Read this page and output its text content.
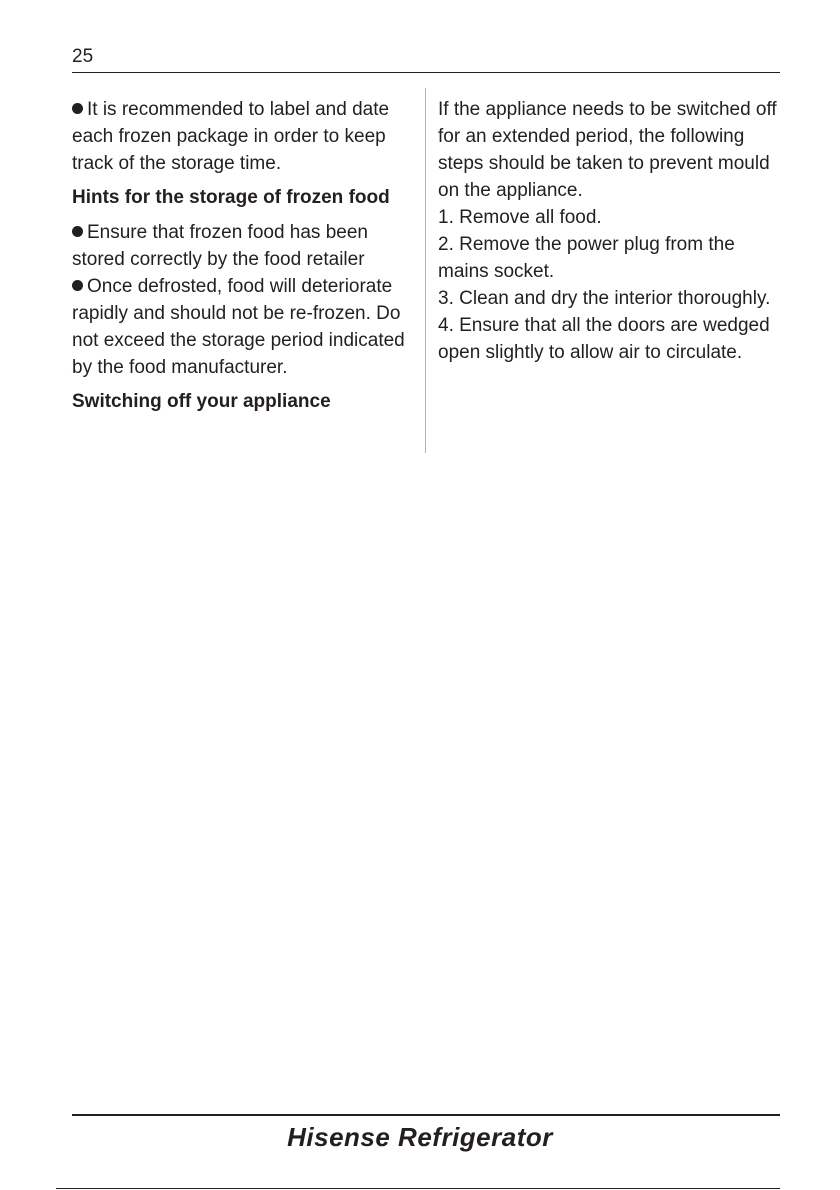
25

It is recommended to label and date each frozen package in order to keep track of the storage time.

Hints for the storage of frozen food

Ensure that frozen food has been stored correctly by the food retailer

Once defrosted, food will deteriorate rapidly and should not be re-frozen. Do not exceed the storage period indicated by the food manufacturer.

Switching off your appliance

If the appliance needs to be switched off for an extended period, the following steps should be taken to prevent mould on the appliance.

1. Remove all food.

2. Remove the power plug from the mains socket.

3. Clean and dry the interior thoroughly.

4. Ensure that all the doors are wedged open slightly to allow air to circulate.

Hisense Refrigerator
